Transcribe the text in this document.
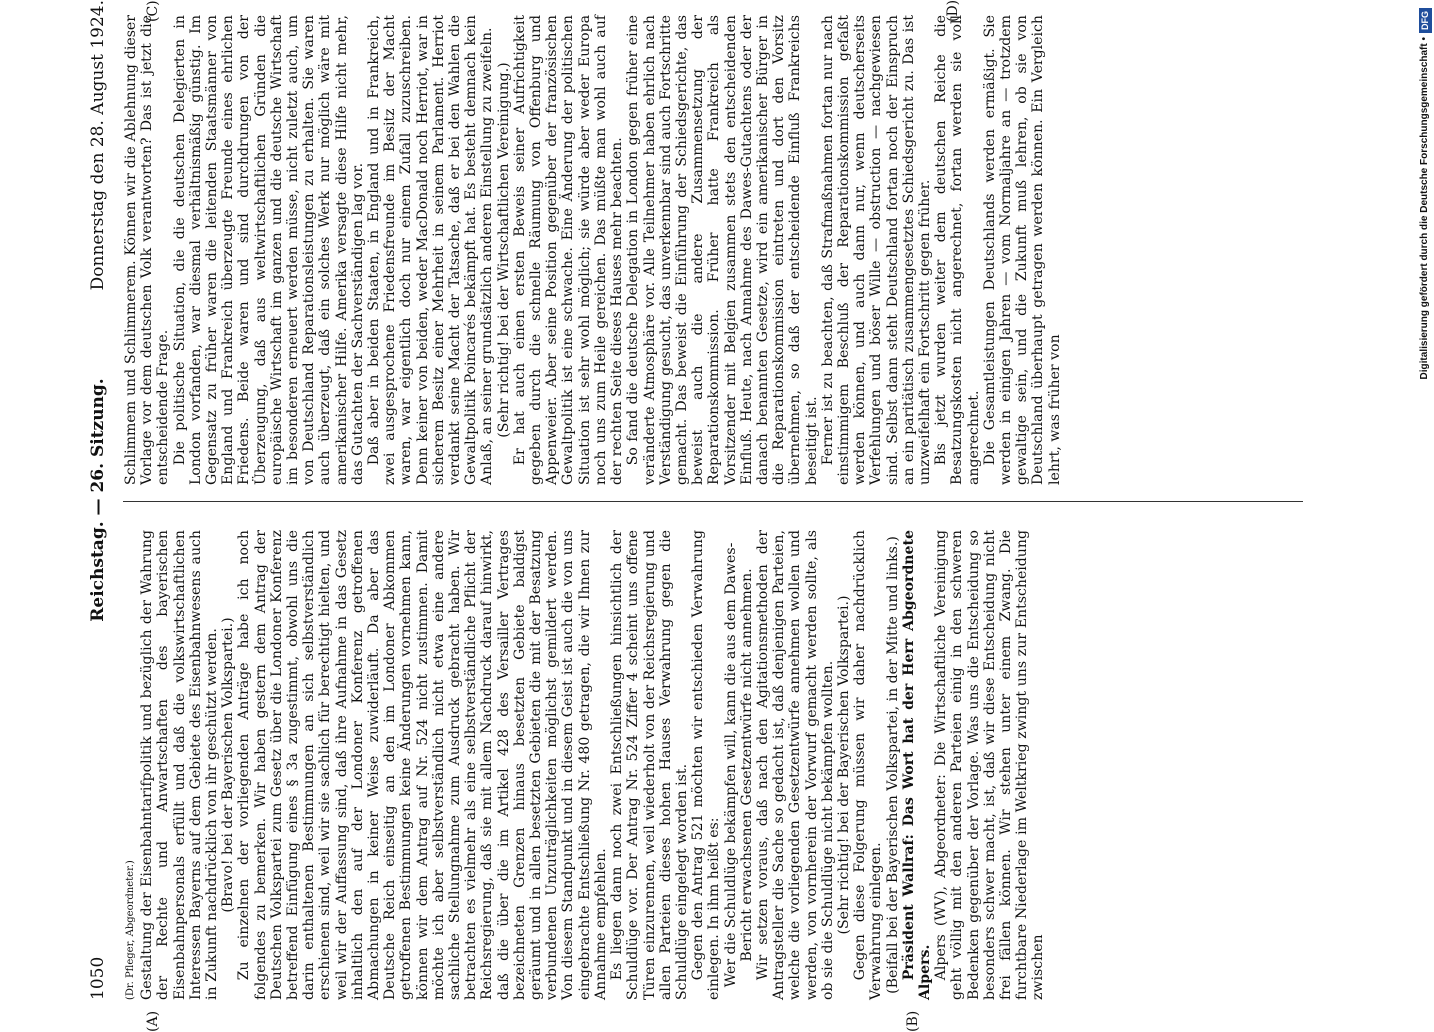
1050
Reichstag. — 26. Sitzung.
Donnerstag den 28. August 1924.
(A)	(B)
(C)	(D)

(Dr. Pfleger, Abgeordneter.) Gestaltung der Eisenbahntarifpolitik und bezüglich der Wahrung der Rechte und Anwartschaften des bayerischen Eisenbahnpersonals erfüllt und daß die volkswirtschaftlichen Interessen Bayerns auf dem Gebiete des Eisenbahnwesens auch in Zukunft nachdrücklich von ihr geschützt werden. (Bravo! bei der Bayerischen Volkspartei.) Zu einzelnen der vorliegenden Anträge habe ich noch folgendes zu bemerken. Wir haben gestern dem Antrag der Deutschen Volkspartei zum Gesetz über die Londoner Konferenz betreffend Einfügung eines § 3a zugestimmt, obwohl uns die darin enthaltenen Bestimmungen an sich selbstverständlich erschienen sind, weil wir sie sachlich für berechtigt hielten, und weil wir der Auffassung sind, daß ihre Aufnahme in das Gesetz inhaltlich den auf der Londoner Konferenz getroffenen Abmachungen in keiner Weise zuwiderläuft. Da aber das Deutsche Reich einseitig an den im Londoner Abkommen getroffenen Bestimmungen keine Änderungen vornehmen kann, können wir dem Antrag auf Nr. 524 nicht zustimmen. Damit möchte ich aber selbstverständlich nicht etwa eine andere sachliche Stellungnahme zum Ausdruck gebracht haben. Wir betrachten es vielmehr als eine selbstverständliche Pflicht der Reichsregierung, daß sie mit allem Nachdruck darauf hinwirkt, daß die über die im Artikel 428 des Versailler Vertrages bezeichneten Grenzen hinaus besetzten Gebiete baldigst geräumt und in allen besetzten Gebieten die mit der Besatzung verbundenen Unzuträglichkeiten möglichst gemildert werden. Von diesem Standpunkt und in diesem Geist ist auch die von uns eingebrachte Entschließung Nr. 480 getragen, die wir Ihnen zur Annahme empfehlen. Es liegen dann noch zwei Entschließungen hinsichtlich der Schuldlüge vor. Der Antrag Nr. 524 Ziffer 4 scheint uns offene Türen einzurennen, weil wiederholt von der Reichsregierung und allen Parteien dieses hohen Hauses Verwahrung gegen die Schuldlüge eingelegt worden ist. Gegen den Antrag 521 möchten wir entschieden Verwahrung einlegen. In ihm heißt es: Wer die Schuldlüge bekämpfen will, kann die aus dem Dawes-Bericht erwachsenen Gesetzentwürfe nicht annehmen. Wir setzen voraus, daß nach den Agitationsmethoden der Antragsteller die Sache so gedacht ist, daß denjenigen Parteien, welche die vorliegenden Gesetzentwürfe annehmen wollen und werden, von vornherein der Vorwurf gemacht werden sollte, als ob sie die Schuldlüge nicht bekämpfen wollten. (Sehr richtig! bei der Bayerischen Volkspartei.) Gegen diese Folgerung müssen wir daher nachdrücklich Verwahrung einlegen. (Beifall bei der Bayerischen Volkspartei, in der Mitte und links.) Präsident Wallraf: Das Wort hat der Herr Abgeordnete Alpers. Alpers (WV), Abgeordneter: Die Wirtschaftliche Vereinigung geht völlig mit den anderen Parteien einig in den schweren Bedenken gegenüber der Vorlage. Was uns die Entscheidung so besonders schwer macht, ist, daß wir diese Entscheidung nicht frei fällen können. Wir stehen unter einem Zwang. Die furchtbare Niederlage im Weltkrieg zwingt uns zur Entscheidung zwischen

Schlimmem und Schlimmerem. Können wir die Ablehnung dieser Vorlage vor dem deutschen Volk verantworten? Das ist jetzt die entscheidende Frage. Die politische Situation, die die deutschen Delegierten in London vorfanden, war diesmal verhältnismäßig günstig. Im Gegensatz zu früher waren die leitenden Staatsmänner von England und Frankreich überzeugte Freunde eines ehrlichen Friedens. Beide waren und sind durchdrungen von der Überzeugung, daß aus weltwirtschaftlichen Gründen die europäische Wirtschaft im ganzen und die deutsche Wirtschaft im besonderen erneuert werden müsse, nicht zuletzt auch, um von Deutschland Reparationsleistungen zu erhalten. Sie waren auch überzeugt, daß ein solches Werk nur möglich wäre mit amerikanischer Hilfe. Amerika versagte diese Hilfe nicht mehr, das Gutachten der Sachverständigen lag vor. Daß aber in beiden Staaten, in England und in Frankreich, zwei ausgesprochene Friedensfreunde im Besitz der Macht waren, war eigentlich doch nur einem Zufall zuzuschreiben. Denn keiner von beiden, weder MacDonald noch Herriot, war in sicherem Besitz einer Mehrheit in seinem Parlament. Herriot verdankt seine Macht der Tatsache, daß er bei den Wahlen die Gewaltpolitik Poincarés bekämpft hat. Es besteht demnach kein Anlaß, an seiner grundsätzlich anderen Einstellung zu zweifeln. (Sehr richtig! bei der Wirtschaftlichen Vereinigung.) Er hat auch einen ersten Beweis seiner Aufrichtigkeit gegeben durch die schnelle Räumung von Offenburg und Appenweier. Aber seine Position gegenüber der französischen Gewaltpolitik ist eine schwache. Eine Änderung der politischen Situation ist sehr wohl möglich; sie würde aber weder Europa noch uns zum Heile gereichen. Das müßte man wohl auch auf der rechten Seite dieses Hauses mehr beachten. So fand die deutsche Delegation in London gegen früher eine veränderte Atmosphäre vor. Alle Teilnehmer haben ehrlich nach Verständigung gesucht, das unverkennbar sind auch Fortschritte gemacht. Das beweist die Einführung der Schiedsgerichte, das beweist auch die andere Zusammensetzung der Reparationskommission. Früher hatte Frankreich als Vorsitzender mit Belgien zusammen stets den entscheidenden Einfluß. Heute, nach Annahme des Dawes-Gutachtens oder der danach benannten Gesetze, wird ein amerikanischer Bürger in die Reparationskommission eintreten und dort den Vorsitz übernehmen, so daß der entscheidende Einfluß Frankreichs beseitigt ist. Ferner ist zu beachten, daß Strafmaßnahmen fortan nur nach einstimmigem Beschluß der Reparationskommission gefaßt werden können, und auch dann nur, wenn deutscherseits Verfehlungen und böser Wille — obstruction — nachgewiesen sind. Selbst dann steht Deutschland fortan noch der Einspruch an ein paritätisch zusammengesetztes Schiedsgericht zu. Das ist unzweifelhaft ein Fortschritt gegen früher. Bis jetzt wurden weiter dem deutschen Reiche die Besatzungskosten nicht angerechnet, fortan werden sie voll angerechnet. Die Gesamtleistungen Deutschlands werden ermäßigt. Sie werden in einigen Jahren — vom Normaljahre an — trotzdem gewaltige sein, und die Zukunft muß lehren, ob sie von Deutschland überhaupt getragen werden können. Ein Vergleich lehrt, was früher von

Digitalisierung gefördert durch die Deutsche Forschungsgemeinschaft •
DFG
